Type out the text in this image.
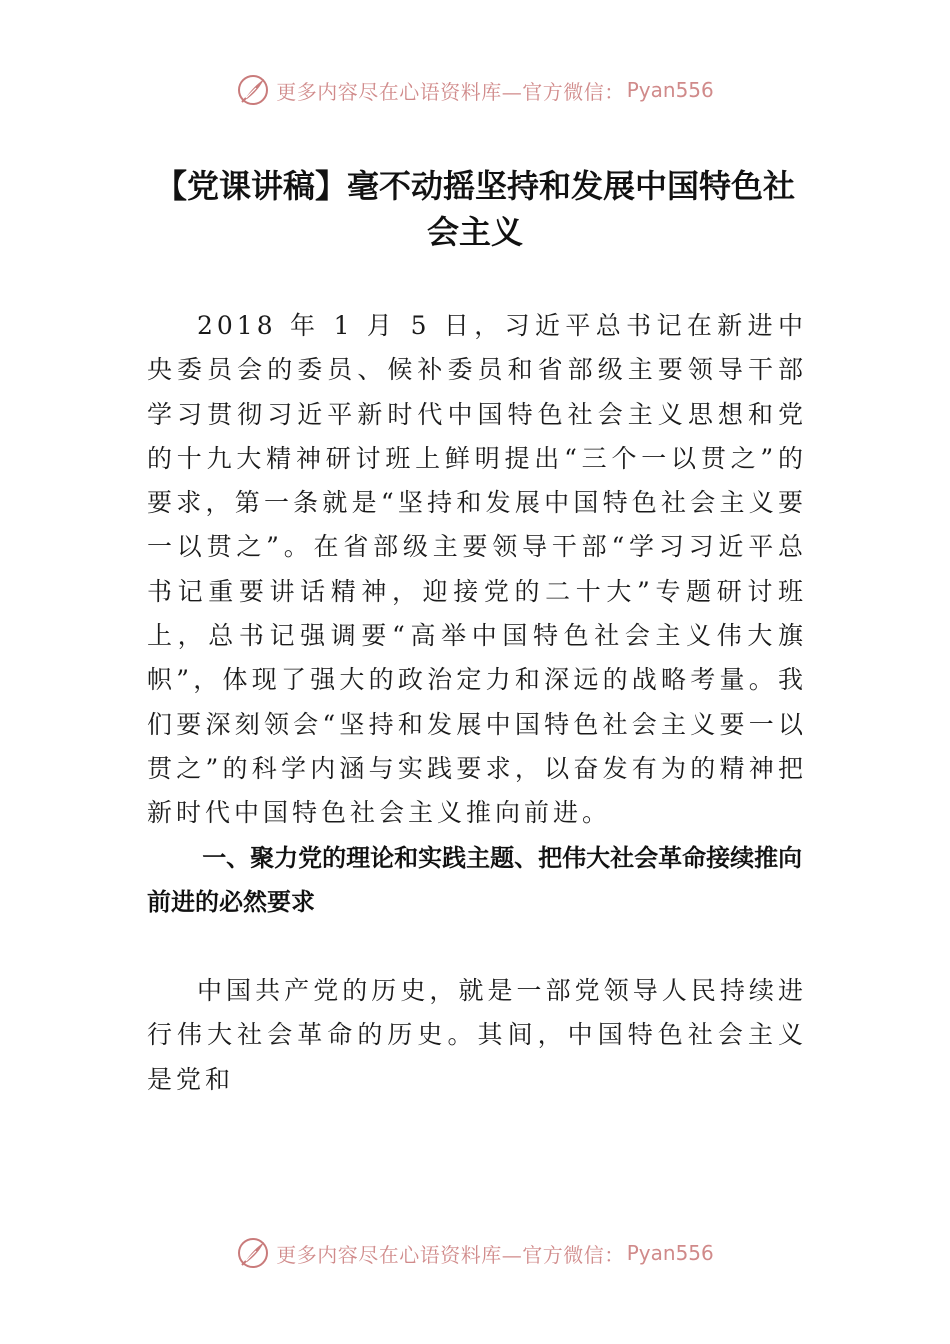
更多内容尽在心语资料库—官方微信： Pyan556
【党课讲稿】毫不动摇坚持和发展中国特色社会主义

2018 年 1 月 5 日，习近平总书记在新进中央委员会的委员、候补委员和省部级主要领导干部学习贯彻习近平新时代中国特色社会主义思想和党的十九大精神研讨班上鲜明提出“三个一以贯之”的要求，第一条就是“坚持和发展中国特色社会主义要一以贯之”。在省部级主要领导干部“学习习近平总书记重要讲话精神，迎接党的二十大”专题研讨班上，总书记强调要“高举中国特色社会主义伟大旗帜”，体现了强大的政治定力和深远的战略考量。我们要深刻领会“坚持和发展中国特色社会主义要一以贯之”的科学内涵与实践要求，以奋发有为的精神把新时代中国特色社会主义推向前进。

一、聚力党的理论和实践主题、把伟大社会革命接续推向前进的必然要求

中国共产党的历史，就是一部党领导人民持续进行伟大社会革命的历史。其间，中国特色社会主义是党和

更多内容尽在心语资料库—官方微信： Pyan556
